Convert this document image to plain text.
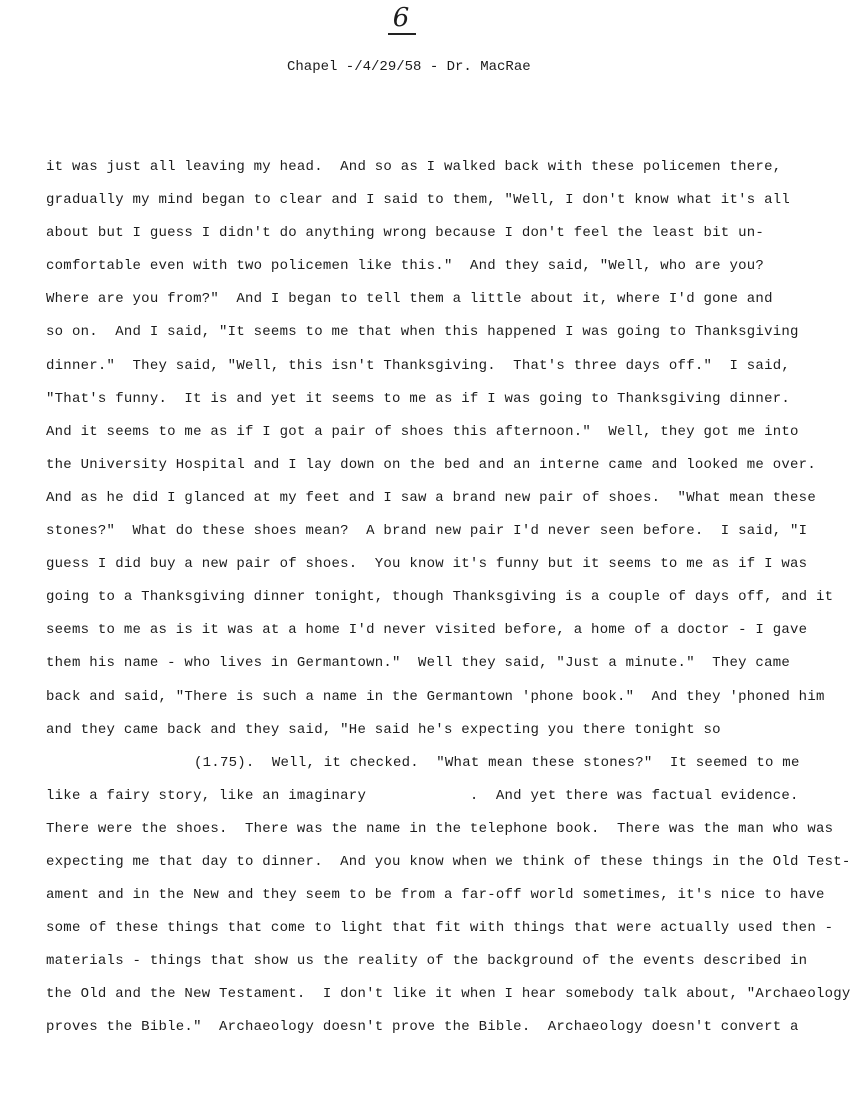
6
Chapel -/4/29/58 - Dr. MacRae
it was just all leaving my head.  And so as I walked back with these policemen there,
gradually my mind began to clear and I said to them, "Well, I don't know what it's all
about but I guess I didn't do anything wrong because I don't feel the least bit un-
comfortable even with two policemen like this."  And they said, "Well, who are you?
Where are you from?"  And I began to tell them a little about it, where I'd gone and
so on.  And I said, "It seems to me that when this happened I was going to Thanksgiving
dinner."  They said, "Well, this isn't Thanksgiving.  That's three days off."  I said,
"That's funny.  It is and yet it seems to me as if I was going to Thanksgiving dinner.
And it seems to me as if I got a pair of shoes this afternoon."  Well, they got me into
the University Hospital and I lay down on the bed and an interne came and looked me over.
And as he did I glanced at my feet and I saw a brand new pair of shoes.  "What mean these
stones?"  What do these shoes mean?  A brand new pair I'd never seen before.  I said, "I
guess I did buy a new pair of shoes.  You know it's funny but it seems to me as if I was
going to a Thanksgiving dinner tonight, though Thanksgiving is a couple of days off, and it
seems to me as is it was at a home I'd never visited before, a home of a doctor - I gave
them his name - who lives in Germantown."  Well they said, "Just a minute."  They came
back and said, "There is such a name in the Germantown 'phone book."  And they 'phoned him
and they came back and they said, "He said he's expecting you there tonight so
(1.75).  Well, it checked.  "What mean these stones?"  It seemed to me
like a fairy story, like an imaginary            .  And yet there was factual evidence.
There were the shoes.  There was the name in the telephone book.  There was the man who was
expecting me that day to dinner.  And you know when we think of these things in the Old Test-
ament and in the New and they seem to be from a far-off world sometimes, it's nice to have
some of these things that come to light that fit with things that were actually used then -
materials - things that show us the reality of the background of the events described in
the Old and the New Testament.  I don't like it when I hear somebody talk about, "Archaeology
proves the Bible."  Archaeology doesn't prove the Bible.  Archaeology doesn't convert a
